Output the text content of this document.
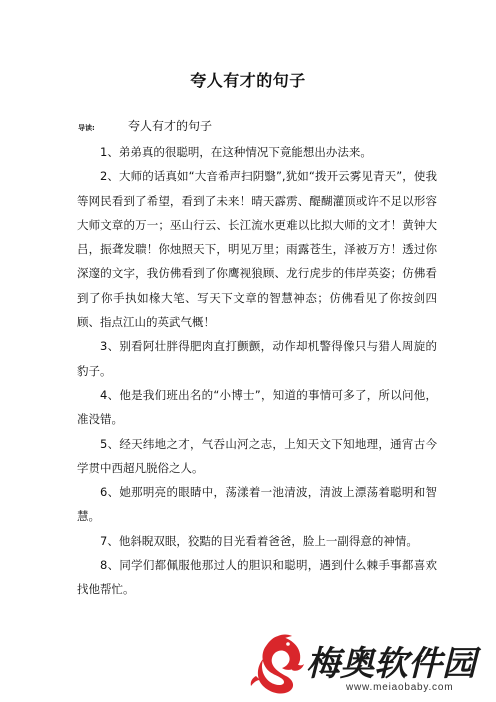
夸人有才的句子
导读:	夸人有才的句子

1、弟弟真的很聪明，在这种情况下竟能想出办法来。

2、大师的话真如“大音希声扫阴翳”,犹如“拨开云雾见青天”，使我等网民看到了希望，看到了未来！晴天霹雳、醍醐灌顶或许不足以形容大师文章的万一；巫山行云、长江流水更难以比拟大师的文才！黄钟大吕，振聋发聩！你烛照天下，明见万里；雨露苍生，泽被万方！透过你深邃的文字，我仿佛看到了你鹰视狼顾、龙行虎步的伟岸英姿；仿佛看到了你手执如椽大笔、写天下文章的智慧神态；仿佛看见了你按剑四顾、指点江山的英武气概！

3、别看阿壮胖得肥肉直打颤颤，动作却机警得像只与猎人周旋的豹子。

4、他是我们班出名的“小博士”，知道的事情可多了，所以问他，准没错。

5、经天纬地之才，气吞山河之志，上知天文下知地理，通宵古今学贯中西超凡脱俗之人。

6、她那明亮的眼睛中，荡漾着一池清波，清波上漂荡着聪明和智慧。

7、他斜睨双眼，狡黠的目光看着爸爸，脸上一副得意的神情。

8、同学们都佩服他那过人的胆识和聪明，遇到什么棘手事都喜欢找他帮忙。

梅奥软件园
www.meiaobaby.com
